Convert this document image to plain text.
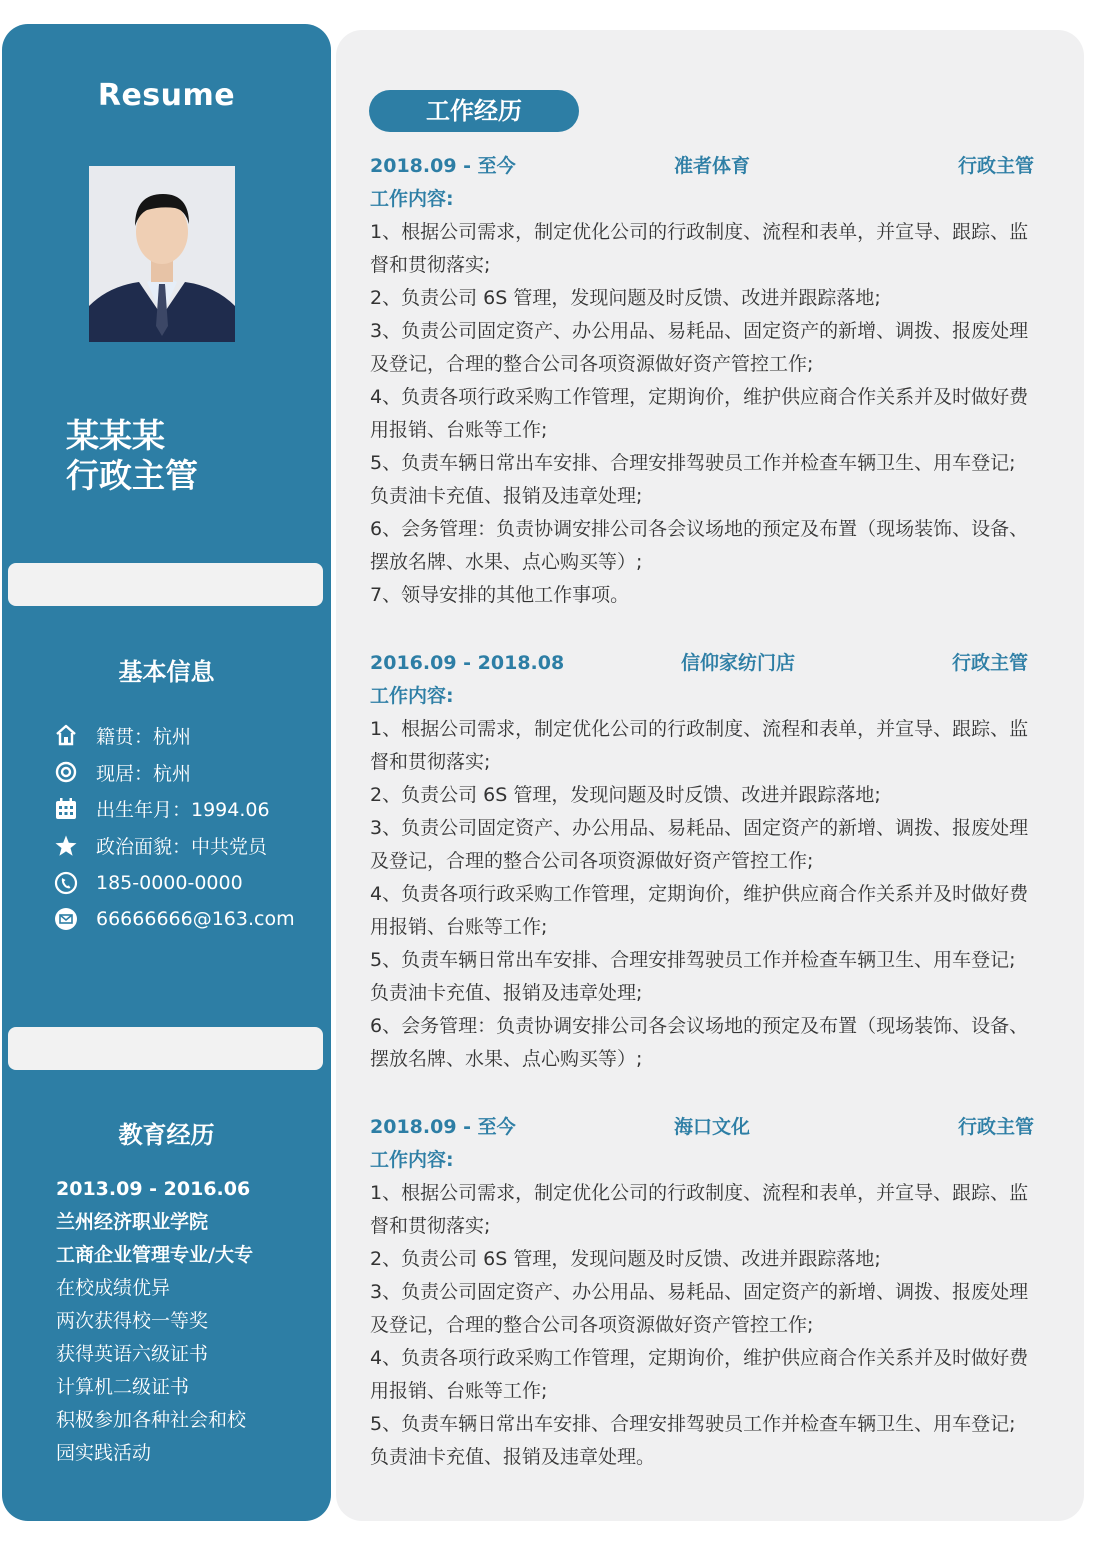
Resume
某某某
行政主管
基本信息
籍贯：杭州
现居：杭州
出生年月：1994.06
政治面貌：中共党员
185-0000-0000
66666666@163.com
教育经历
2013.09 - 2016.06
兰州经济职业学院
工商企业管理专业/大专
在校成绩优异
两次获得校一等奖
获得英语六级证书
计算机二级证书
积极参加各种社会和校
园实践活动
工作经历
2018.09 - 至今	准者体育	行政主管
工作内容:
1、根据公司需求，制定优化公司的行政制度、流程和表单，并宣导、跟踪、监
督和贯彻落实;
2、负责公司 6S 管理，发现问题及时反馈、改进并跟踪落地;
3、负责公司固定资产、办公用品、易耗品、固定资产的新增、调拨、报废处理
及登记，合理的整合公司各项资源做好资产管控工作;
4、负责各项行政采购工作管理，定期询价，维护供应商合作关系并及时做好费
用报销、台账等工作;
5、负责车辆日常出车安排、合理安排驾驶员工作并检查车辆卫生、用车登记;
负责油卡充值、报销及违章处理;
6、会务管理：负责协调安排公司各会议场地的预定及布置（现场装饰、设备、
摆放名牌、水果、点心购买等）;
7、领导安排的其他工作事项。
2016.09 - 2018.08	信仰家纺门店	行政主管
工作内容:
1、根据公司需求，制定优化公司的行政制度、流程和表单，并宣导、跟踪、监
督和贯彻落实;
2、负责公司 6S 管理，发现问题及时反馈、改进并跟踪落地;
3、负责公司固定资产、办公用品、易耗品、固定资产的新增、调拨、报废处理
及登记，合理的整合公司各项资源做好资产管控工作;
4、负责各项行政采购工作管理，定期询价，维护供应商合作关系并及时做好费
用报销、台账等工作;
5、负责车辆日常出车安排、合理安排驾驶员工作并检查车辆卫生、用车登记;
负责油卡充值、报销及违章处理;
6、会务管理：负责协调安排公司各会议场地的预定及布置（现场装饰、设备、
摆放名牌、水果、点心购买等）;
2018.09 - 至今	海口文化	行政主管
工作内容:
1、根据公司需求，制定优化公司的行政制度、流程和表单，并宣导、跟踪、监
督和贯彻落实;
2、负责公司 6S 管理，发现问题及时反馈、改进并跟踪落地;
3、负责公司固定资产、办公用品、易耗品、固定资产的新增、调拨、报废处理
及登记，合理的整合公司各项资源做好资产管控工作;
4、负责各项行政采购工作管理，定期询价，维护供应商合作关系并及时做好费
用报销、台账等工作;
5、负责车辆日常出车安排、合理安排驾驶员工作并检查车辆卫生、用车登记;
负责油卡充值、报销及违章处理。
